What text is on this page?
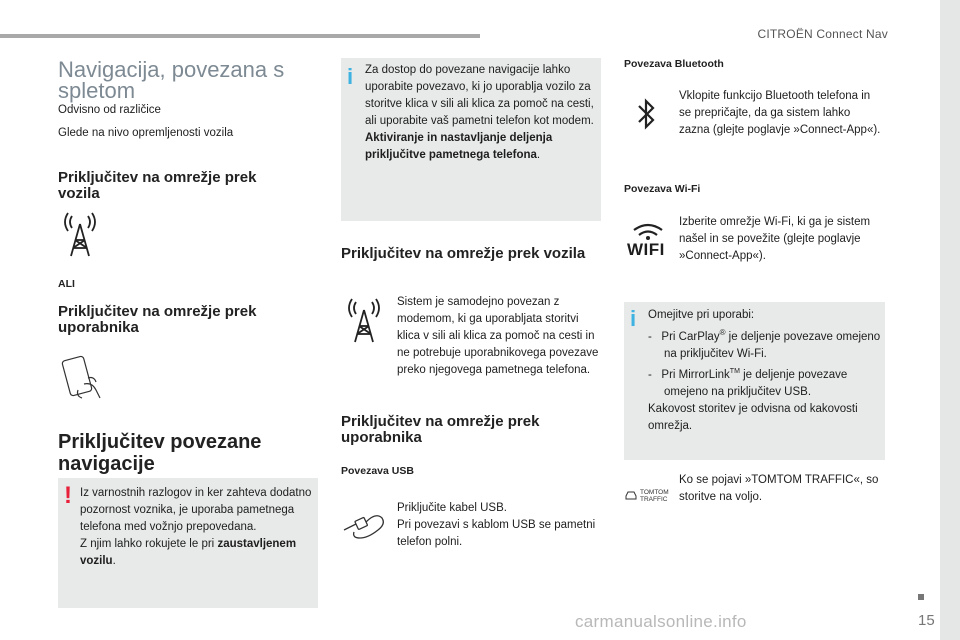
CITROËN Connect Nav
15
Navigacija, povezana s spletom
Odvisno od različice
Glede na nivo opremljenosti vozila
Priključitev na omrežje prek vozila
ALI
Priključitev na omrežje prek uporabnika
Priključitev povezane navigacije
! Iz varnostnih razlogov in ker zahteva dodatno pozornost voznika, je uporaba pametnega telefona med vožnjo prepovedana.
Z njim lahko rokujete le pri zaustavljenem vozilu.
i Za dostop do povezane navigacije lahko uporabite povezavo, ki jo uporablja vozilo za storitve klica v sili ali klica za pomoč na cesti, ali uporabite vaš pametni telefon kot modem.
Aktiviranje in nastavljanje deljenja priključitve pametnega telefona.
Priključitev na omrežje prek vozila
Sistem je samodejno povezan z modemom, ki ga uporabljata storitvi klica v sili ali klica za pomoč na cesti in ne potrebuje uporabnikovega povezave preko njegovega pametnega telefona.
Priključitev na omrežje prek uporabnika
Povezava USB
Priključite kabel USB.
Pri povezavi s kablom USB se pametni telefon polni.
Povezava Bluetooth
Vklopite funkcijo Bluetooth telefona in se prepričajte, da ga sistem lahko zazna (glejte poglavje »Connect-App«).
Povezava Wi-Fi
WIFI
Izberite omrežje Wi-Fi, ki ga je sistem našel in se povežite (glejte poglavje »Connect-App«).
i Omejitve pri uporabi:
-   Pri CarPlay® je deljenje povezave omejeno na priključitev Wi-Fi.
-   Pri MirrorLink™ je deljenje povezave omejeno na priključitev USB.
Kakovost storitev je odvisna od kakovosti omrežja.
TOMTOM
TRAFFIC
Ko se pojavi »TOMTOM TRAFFIC«, so storitve na voljo.
carmanualsonline.info
